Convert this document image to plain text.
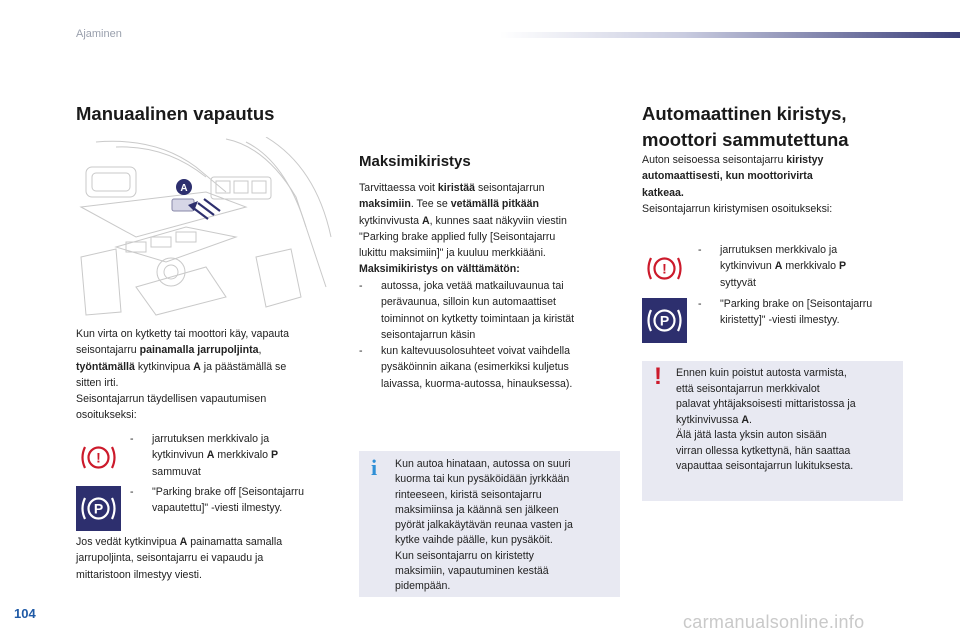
Ajaminen
Manuaalinen vapautus
A
Kun virta on kytketty tai moottori käy, vapauta
seisontajarru painamalla jarrupoljinta,
työntämällä kytkinvipua A ja päästämällä se
sitten irti.
Seisontajarrun täydellisen vapautumisen
osoitukseksi:
!
- jarrutuksen merkkivalo ja
kytkinvivun A merkkivalo P
sammuvat
P
- "Parking brake off [Seisontajarru
vapautettu]" -viesti ilmestyy.
Jos vedät kytkinvipua A painamatta samalla
jarrupoljinta, seisontajarru ei vapaudu ja
mittaristoon ilmestyy viesti.
Maksimikiristys
Tarvittaessa voit kiristää seisontajarrun
maksimiin. Tee se vetämällä pitkään
kytkinvivusta A, kunnes saat näkyviin viestin
"Parking brake applied fully [Seisontajarru
lukittu maksimiin]" ja kuuluu merkkiääni.
Maksimikiristys on välttämätön:
- autossa, joka vetää matkailuvaunua tai
perävaunua, silloin kun automaattiset
toiminnot on kytketty toimintaan ja kiristät
seisontajarrun käsin
- kun kaltevuusolosuhteet voivat vaihdella
pysäköinnin aikana (esimerkiksi kuljetus
laivassa, kuorma-autossa, hinauksessa).
i Kun autoa hinataan, autossa on suuri
kuorma tai kun pysäköidään jyrkkään
rinteeseen, kiristä seisontajarru
maksimiinsa ja käännä sen jälkeen
pyörät jalkakäytävän reunaa vasten ja
kytke vaihde päälle, kun pysäköit.
Kun seisontajarru on kiristetty
maksimiin, vapautuminen kestää
pidempään.
Automaattinen kiristys,
moottori sammutettuna
Auton seisoessa seisontajarru kiristyy
automaattisesti, kun moottorivirta
katkeaa.
Seisontajarrun kiristymisen osoitukseksi:
!
- jarrutuksen merkkivalo ja
kytkinvivun A merkkivalo P
syttyvät
P
- "Parking brake on [Seisontajarru
kiristetty]" -viesti ilmestyy.
! Ennen kuin poistut autosta varmista,
että seisontajarrun merkkivalot
palavat yhtäjaksoisesti mittaristossa ja
kytkinvivussa A.
Älä jätä lasta yksin auton sisään
virran ollessa kytkettynä, hän saattaa
vapauttaa seisontajarrun lukituksesta.
104	carmanualsonline.info
